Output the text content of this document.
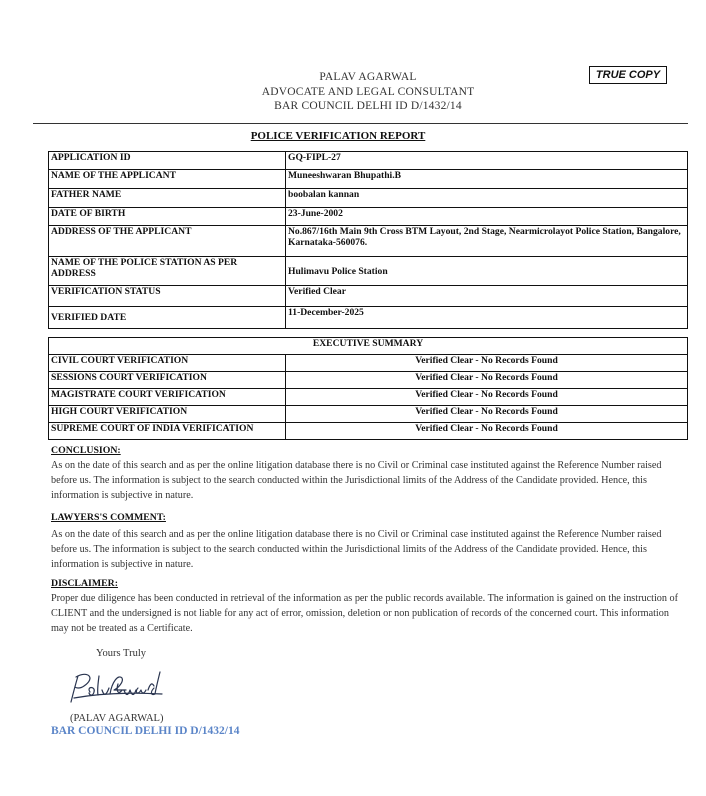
PALAV AGARWAL
ADVOCATE AND LEGAL CONSULTANT
BAR COUNCIL DELHI ID D/1432/14
TRUE COPY
POLICE VERIFICATION REPORT
APPLICATION ID	GQ-FIPL-27
NAME OF THE APPLICANT	Muneeshwaran Bhupathi.B
FATHER NAME	boobalan kannan
DATE OF BIRTH	23-June-2002
ADDRESS OF THE APPLICANT	No.867/16th Main 9th Cross BTM Layout, 2nd Stage, Nearmicrolayot Police Station, Bangalore, Karnataka-560076.
NAME OF THE POLICE STATION AS PER ADDRESS	Hulimavu Police Station
VERIFICATION STATUS	Verified Clear
VERIFIED DATE	11-December-2025
EXECUTIVE SUMMARY	
CIVIL COURT VERIFICATION	Verified Clear - No Records Found
SESSIONS COURT VERIFICATION	Verified Clear - No Records Found
MAGISTRATE COURT VERIFICATION	Verified Clear - No Records Found
HIGH COURT VERIFICATION	Verified Clear - No Records Found
SUPREME COURT OF INDIA VERIFICATION	Verified Clear - No Records Found
CONCLUSION:
As on the date of this search and as per the online litigation database there is no Civil or Criminal case instituted against the Reference Number raised before us. The information is subject to the search conducted within the Jurisdictional limits of the Address of the Candidate provided. Hence, this information is subjective in nature.
LAWYERS'S COMMENT:
As on the date of this search and as per the online litigation database there is no Civil or Criminal case instituted against the Reference Number raised before us. The information is subject to the search conducted within the Jurisdictional limits of the Address of the Candidate provided. Hence, this information is subjective in nature.
DISCLAIMER:
Proper due diligence has been conducted in retrieval of the information as per the public records available. The information is gained on the instruction of CLIENT and the undersigned is not liable for any act of error, omission, deletion or non publication of records of the concerned court. This information may not be treated as a Certificate.
Yours Truly
(PALAV AGARWAL)
BAR COUNCIL DELHI ID D/1432/14
